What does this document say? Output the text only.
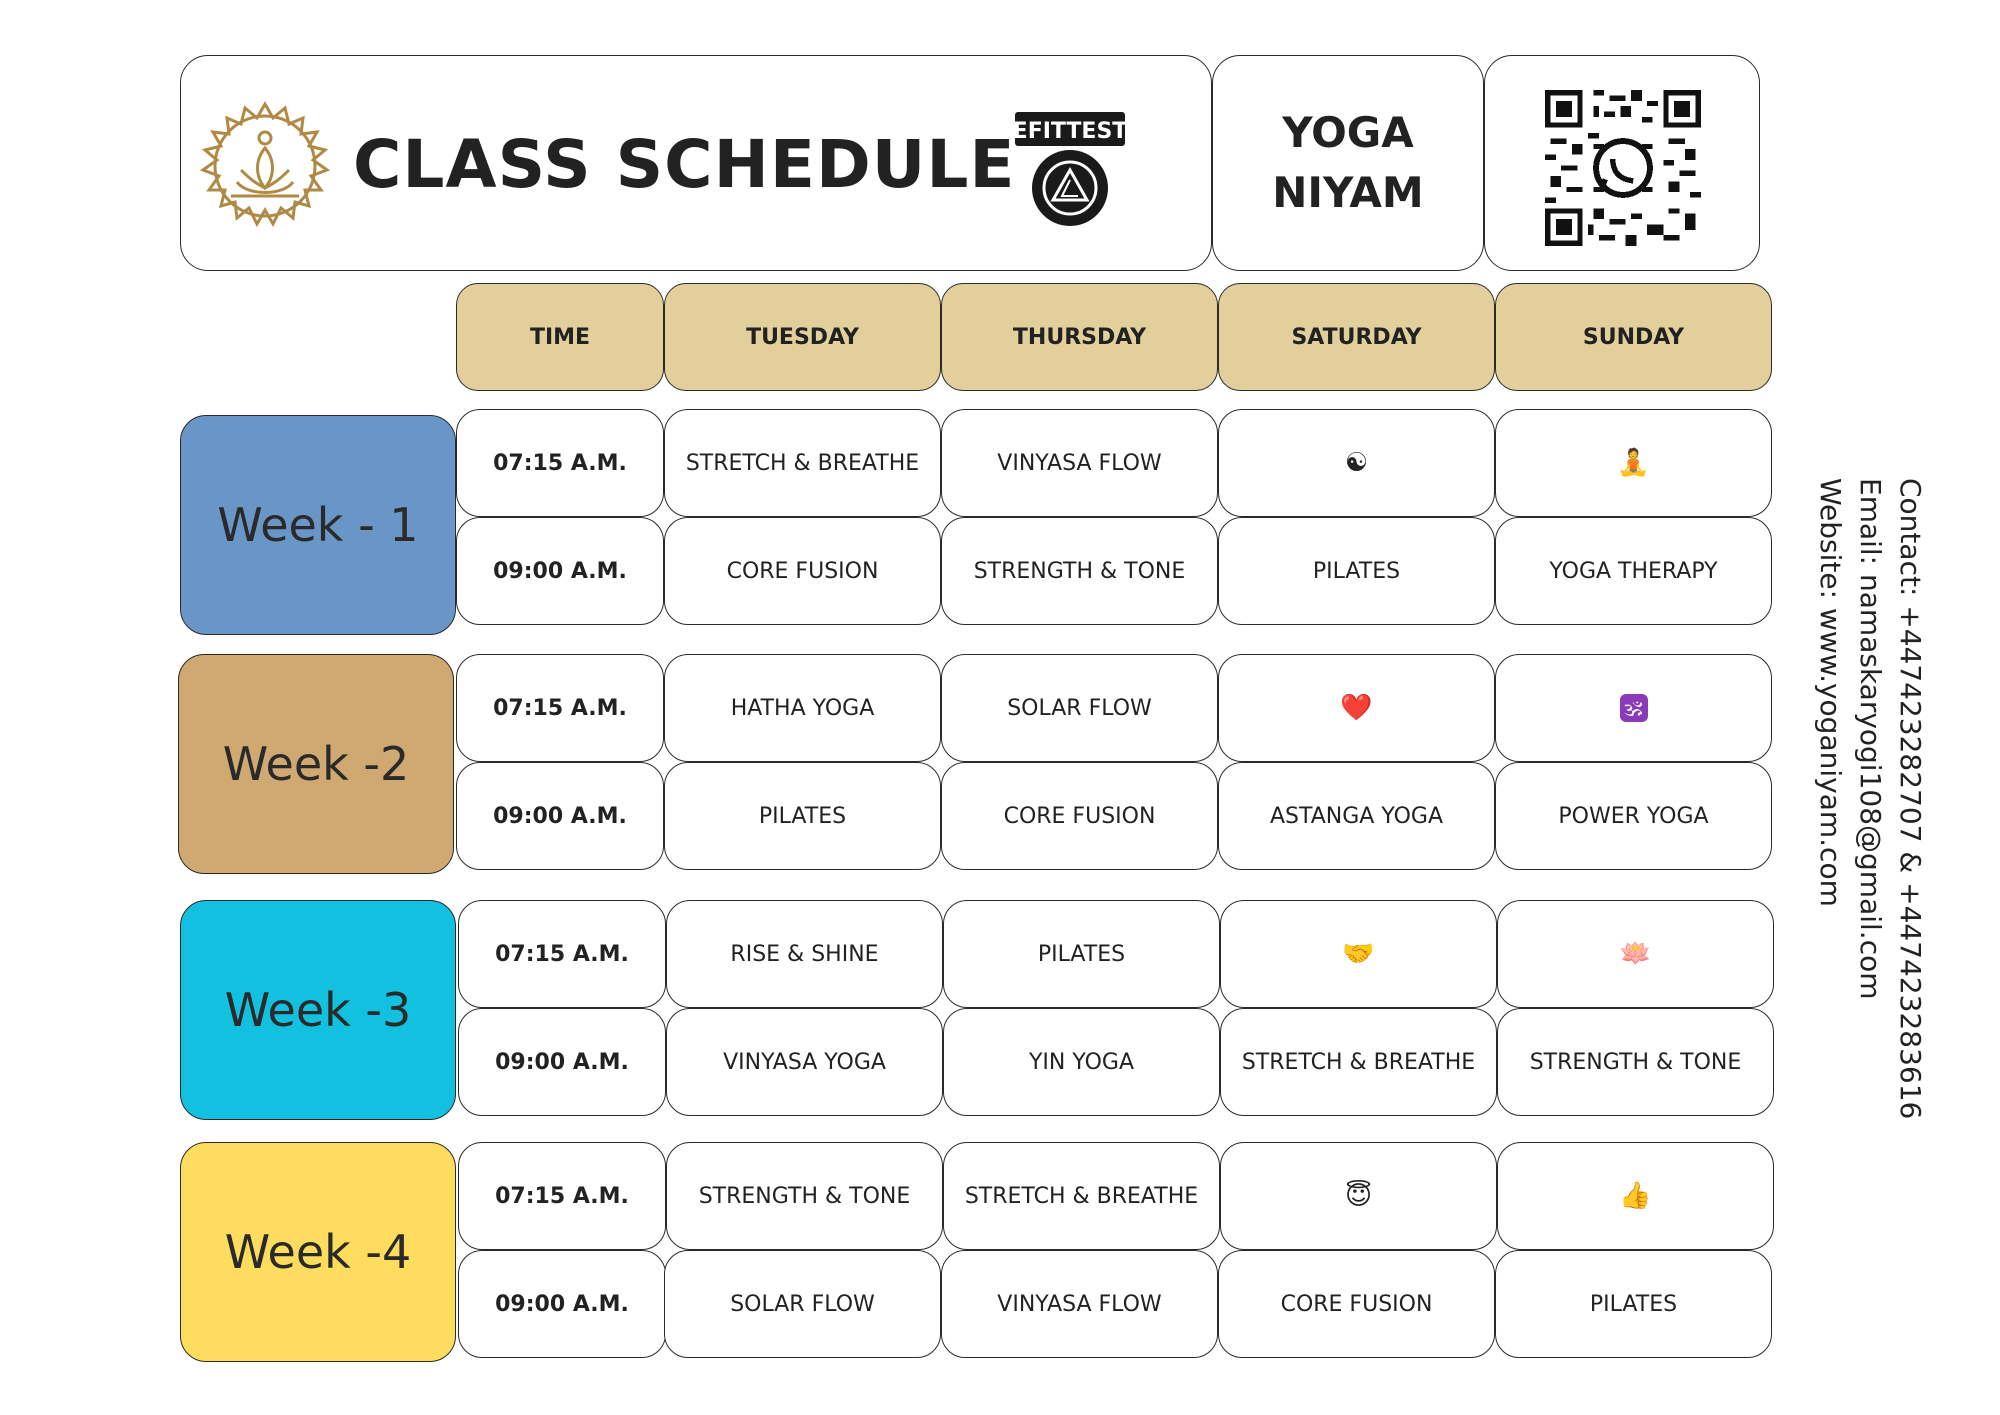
CLASS SCHEDULE
EFITTEST	YOGA
NIYAM
TIME	TUESDAY	THURSDAY	SATURDAY	SUNDAY
Week - 1
07:15 A.M.	STRETCH & BREATHE	VINYASA FLOW	☯	🧘
09:00 A.M.	CORE FUSION	STRENGTH & TONE	PILATES	YOGA THERAPY
Week -2
07:15 A.M.	HATHA YOGA	SOLAR FLOW	❤️	🕉
09:00 A.M.	PILATES	CORE FUSION	ASTANGA YOGA	POWER YOGA
Week -3
07:15 A.M.	RISE & SHINE	PILATES	🤝	🪷
09:00 A.M.	VINYASA YOGA	YIN YOGA	STRETCH & BREATHE	STRENGTH & TONE
Week -4
07:15 A.M.	STRENGTH & TONE	STRETCH & BREATHE	😇	👍
09:00 A.M.	SOLAR FLOW	VINYASA FLOW	CORE FUSION	PILATES
Contact: +447423282707 & +447423283616
Email: namaskaryogi108@gmail.com
Website: www.yoganiyam.com
